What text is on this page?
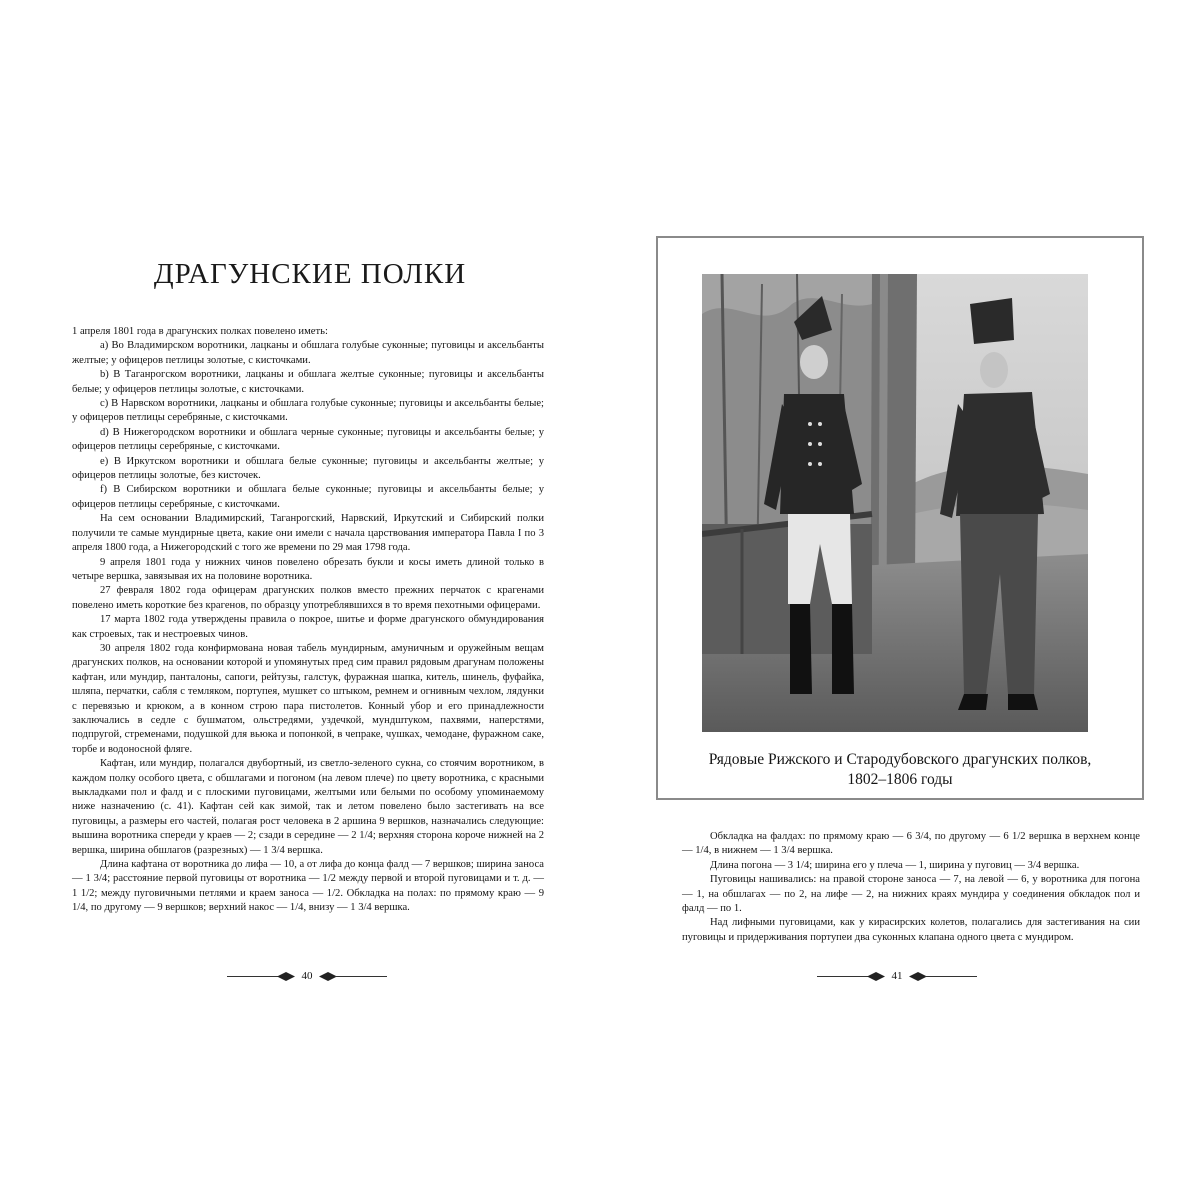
ДРАГУНСКИЕ ПОЛКИ

1 апреля 1801 года в драгунских полках повелено иметь:

a) Во Владимирском воротники, лацканы и обшлага голубые суконные; пуговицы и аксельбанты желтые; у офицеров петлицы золотые, с кисточками.

b) В Таганрогском воротники, лацканы и обшлага желтые суконные; пуговицы и аксельбанты белые; у офицеров петлицы золотые, с кисточками.

c) В Нарвском воротники, лацканы и обшлага голубые суконные; пуговицы и аксельбанты белые; у офицеров петлицы серебряные, с кисточками.

d) В Нижегородском воротники и обшлага черные суконные; пуговицы и аксельбанты белые; у офицеров петлицы серебряные, с кисточками.

e) В Иркутском воротники и обшлага белые суконные; пуговицы и аксельбанты желтые; у офицеров петлицы золотые, без кисточек.

f) В Сибирском воротники и обшлага белые суконные; пуговицы и аксельбанты белые; у офицеров петлицы серебряные, с кисточками.

На сем основании Владимирский, Таганрогский, Нарвский, Иркутский и Сибирский полки получили те самые мундирные цвета, какие они имели с начала царствования императора Павла I по 3 апреля 1800 года, а Нижегородский с того же времени по 29 мая 1798 года.

9 апреля 1801 года у нижних чинов повелено обрезать букли и косы иметь длиной только в четыре вершка, завязывая их на половине воротника.

27 февраля 1802 года офицерам драгунских полков вместо прежних перчаток с крагенами повелено иметь короткие без крагенов, по образцу употреблявшихся в то время пехотными офицерами.

17 марта 1802 года утверждены правила о покрое, шитье и форме драгунского обмундирования как строевых, так и нестроевых чинов.

30 апреля 1802 года конфирмована новая табель мундирным, амуничным и оружейным вещам драгунских полков, на основании которой и упомянутых пред сим правил рядовым драгунам положены кафтан, или мундир, панталоны, сапоги, рейтузы, галстук, фуражная шапка, китель, шинель, фуфайка, шляпа, перчатки, сабля с темляком, портупея, мушкет со штыком, ремнем и огнивным чехлом, лядунки с перевязью и крюком, а в конном строю пара пистолетов. Конный убор и его принадлежности заключались в седле с бушматом, ольстредями, уздечкой, мундштуком, пахвями, наперстями, подпругой, стременами, подушкой для вьюка и попонкой, в чепраке, чушках, чемодане, фуражном саке, торбе и водоносной фляге.

Кафтан, или мундир, полагался двубортный, из светло-зеленого сукна, со стоячим воротником, в каждом полку особого цвета, с обшлагами и погоном (на левом плече) по цвету воротника, с красными выкладками пол и фалд и с плоскими пуговицами, желтыми или белыми по особому упоминаемому ниже назначению (с. 41). Кафтан сей как зимой, так и летом повелено было застегивать на все пуговицы, а размеры его частей, полагая рост человека в 2 аршина 9 вершков, назначались следующие: вышина воротника спереди у краев — 2; сзади в середине — 2 1/4; верхняя сторона короче нижней на 2 вершка, ширина обшлагов (разрезных) — 1 3/4 вершка.

Длина кафтана от воротника до лифа — 10, а от лифа до конца фалд — 7 вершков; ширина заноса — 1 3/4; расстояние первой пуговицы от воротника — 1/2 между первой и второй пуговицами и т. д. — 1 1/2; между пуговичными петлями и краем заноса — 1/2. Обкладка на полах: по прямому краю — 9 1/4, по другому — 9 вершков; верхний накос — 1/4, внизу — 1 3/4 вершка.

40
Рядовые Рижского и Стародубовского драгунских полков,
1802–1806 годы

Обкладка на фалдах: по прямому краю — 6 3/4, по другому — 6 1/2 вершка в верхнем конце — 1/4, в нижнем — 1 3/4 вершка.

Длина погона — 3 1/4; ширина его у плеча — 1, ширина у пуговиц — 3/4 вершка.

Пуговицы нашивались: на правой стороне заноса — 7, на левой — 6, у воротника для погона — 1, на обшлагах — по 2, на лифе — 2, на нижних краях мундира у соединения обкладок пол и фалд — по 1.

Над лифными пуговицами, как у кирасирских колетов, полагались для застегивания на сии пуговицы и придерживания портупеи два суконных клапана одного цвета с мундиром.

41
